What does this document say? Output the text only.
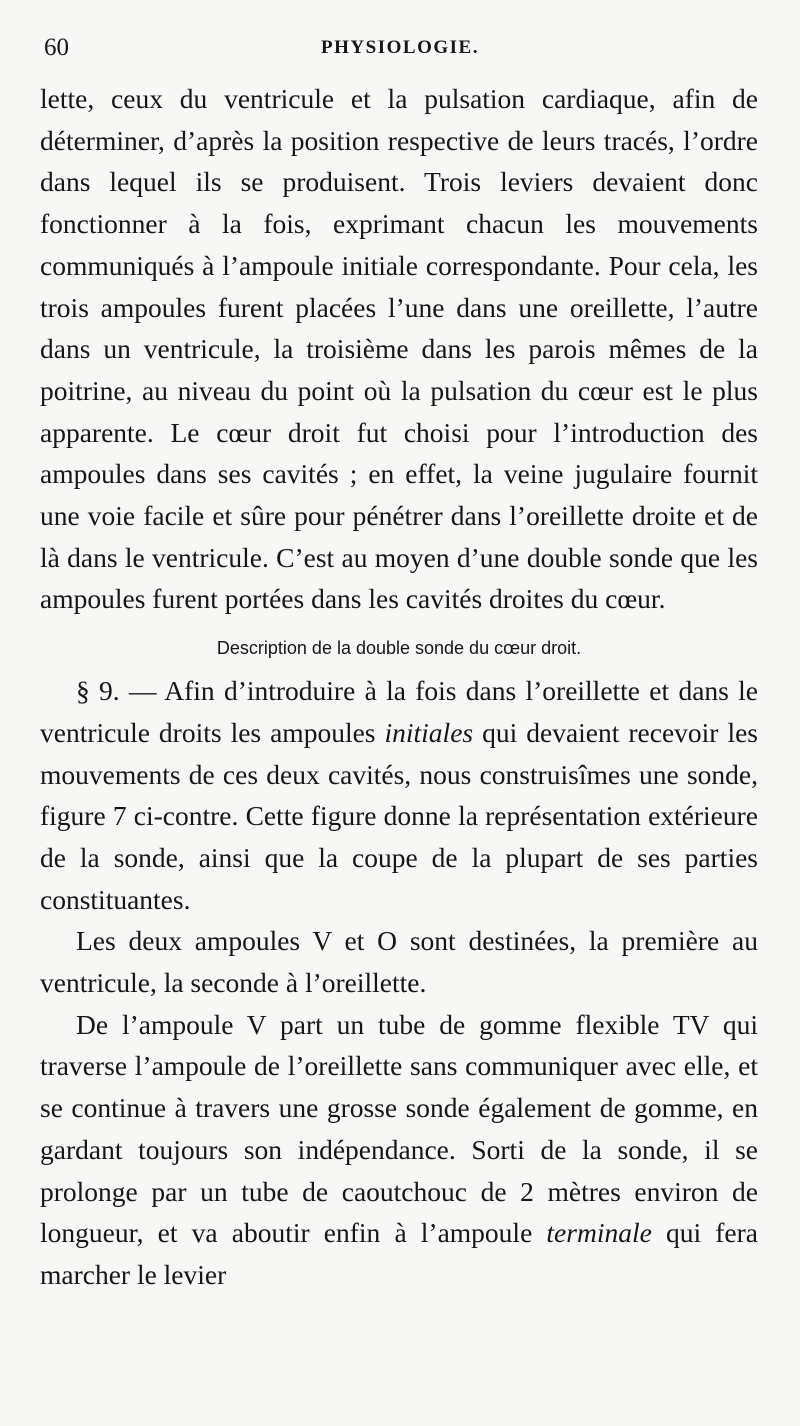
60	PHYSIOLOGIE.

lette, ceux du ventricule et la pulsation cardiaque, afin de déterminer, d’après la position respective de leurs tracés, l’ordre dans lequel ils se produisent. Trois leviers devaient donc fonctionner à la fois, exprimant chacun les mouvements communiqués à l’ampoule initiale correspondante. Pour cela, les trois ampoules furent placées l’une dans une oreillette, l’autre dans un ventricule, la troisième dans les parois mêmes de la poitrine, au niveau du point où la pulsation du cœur est le plus apparente. Le cœur droit fut choisi pour l’introduction des ampoules dans ses cavités ; en effet, la veine jugulaire fournit une voie facile et sûre pour pénétrer dans l’oreillette droite et de là dans le ventricule. C’est au moyen d’une double sonde que les ampoules furent portées dans les cavités droites du cœur.

Description de la double sonde du cœur droit.

§ 9. — Afin d’introduire à la fois dans l’oreillette et dans le ventricule droits les ampoules initiales qui devaient recevoir les mouvements de ces deux cavités, nous construisîmes une sonde, figure 7 ci-contre. Cette figure donne la représentation extérieure de la sonde, ainsi que la coupe de la plupart de ses parties constituantes.

Les deux ampoules V et O sont destinées, la première au ventricule, la seconde à l’oreillette.

De l’ampoule V part un tube de gomme flexible TV qui traverse l’ampoule de l’oreillette sans communiquer avec elle, et se continue à travers une grosse sonde également de gomme, en gardant toujours son indépendance. Sorti de la sonde, il se prolonge par un tube de caoutchouc de 2 mètres environ de longueur, et va aboutir enfin à l’ampoule terminale qui fera marcher le levier
